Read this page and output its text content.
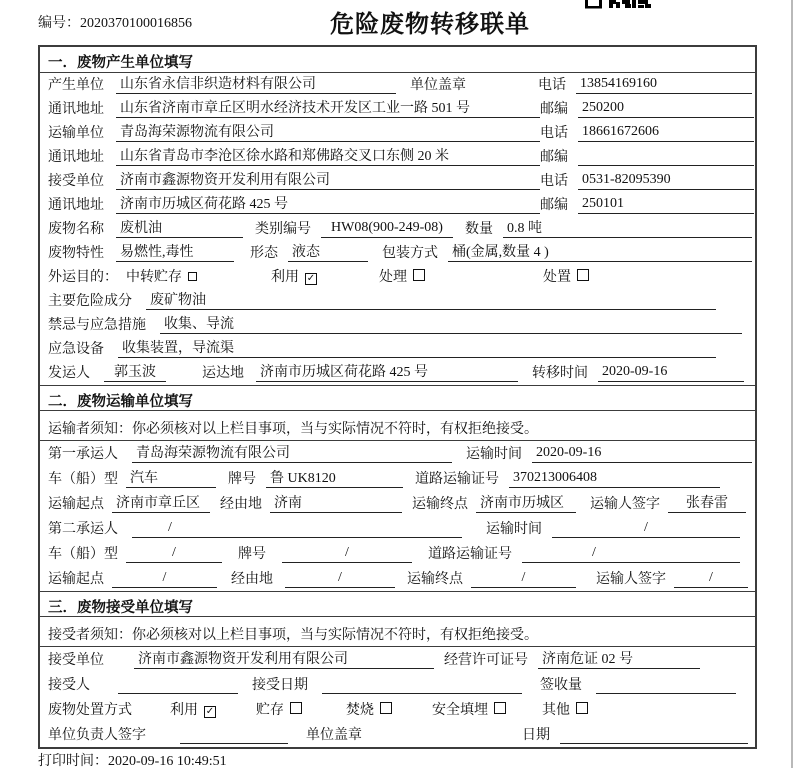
编号：2020370100016856	危险废物转移联单
一．废物产生单位填写
产生单位 山东省永信非织造材料有限公司	单位盖章	电话 13854169160
通讯地址 山东省济南市章丘区明水经济技术开发区工业一路 501 号	邮编 250200
运输单位 青岛海荣源物流有限公司	电话 18661672606
通讯地址 山东省青岛市李沧区徐水路和郑佛路交叉口东侧 20 米	邮编
接受单位 济南市鑫源物资开发利用有限公司	电话 0531-82095390
通讯地址 济南市历城区荷花路 425 号	邮编 250101
废物名称 废机油	类别编号	HW08(900-249-08)	数量 0.8 吨
废物特性 易燃性,毒性	形态 液态	包装方式 桶(金属,数量 4 )
外运目的： 中转贮存	利用 ✓	处理	处置
主要危险成分 废矿物油
禁忌与应急措施 收集、导流
应急设备 收集装置，导流渠
发运人	郭玉波	运达地 济南市历城区荷花路 425 号	转移时间 2020-09-16
二．废物运输单位填写
运输者须知：你必须核对以上栏目事项，当与实际情况不符时，有权拒绝接受。
第一承运人 青岛海荣源物流有限公司	运输时间 2020-09-16
车（船）型 汽车	牌号 鲁 UK8120	道路运输证号 370213006408
运输起点 济南市章丘区	经由地 济南	运输终点 济南市历城区	运输人签字	张春雷
第二承运人	/	运输时间	/
车（船）型	/	牌号	/	道路运输证号	/
运输起点	/	经由地	/	运输终点	/	运输人签字	/
三．废物接受单位填写
接受者须知：你必须核对以上栏目事项，当与实际情况不符时，有权拒绝接受。
接受单位 济南市鑫源物资开发利用有限公司	经营许可证号 济南危证 02 号
接受人	接受日期	签收量
废物处置方式	利用 ✓	贮存	焚烧	安全填埋	其他
单位负责人签字	单位盖章	日期
打印时间：2020-09-16 10:49:51
